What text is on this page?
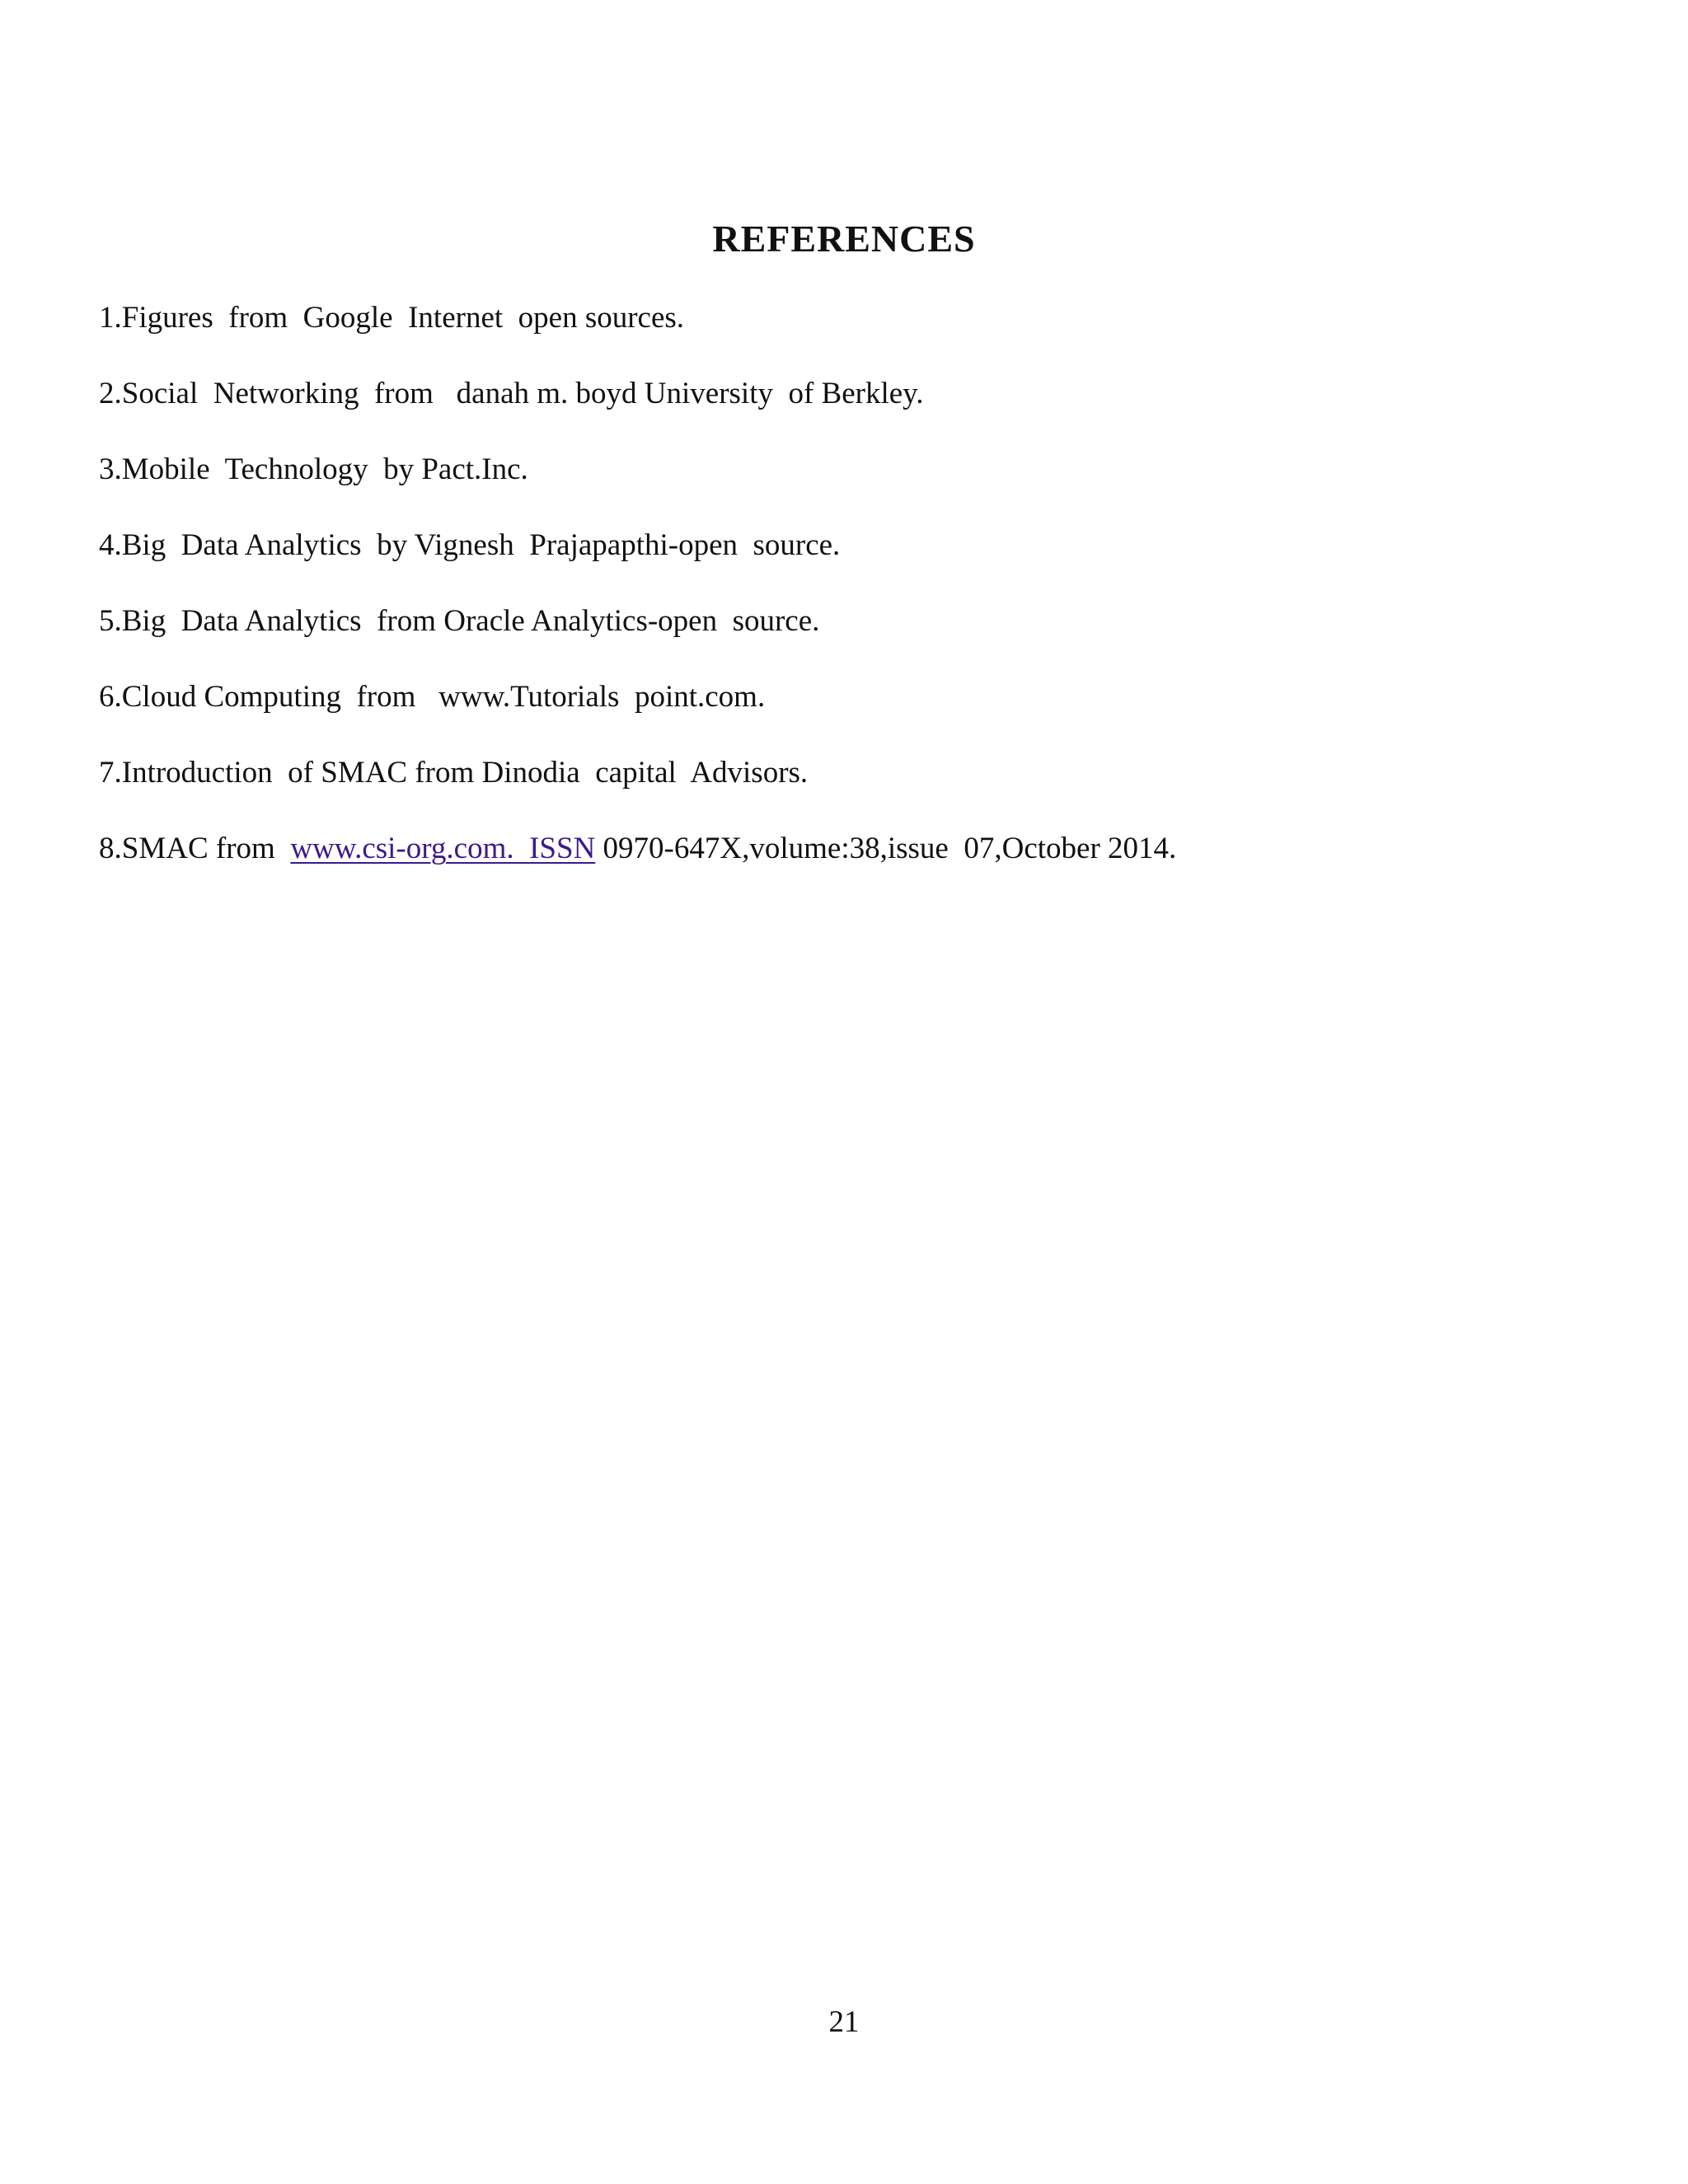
REFERENCES
1.Figures  from  Google  Internet  open sources.
2.Social  Networking  from   danah m. boyd University  of Berkley.
3.Mobile  Technology  by Pact.Inc.
4.Big  Data Analytics  by Vignesh  Prajapapthi-open  source.
5.Big  Data Analytics  from Oracle Analytics-open  source.
6.Cloud Computing  from   www.Tutorials  point.com.
7.Introduction  of SMAC from Dinodia  capital  Advisors.
8.SMAC from  www.csi-org.com.  ISSN 0970-647X,volume:38,issue  07,October 2014.

21
